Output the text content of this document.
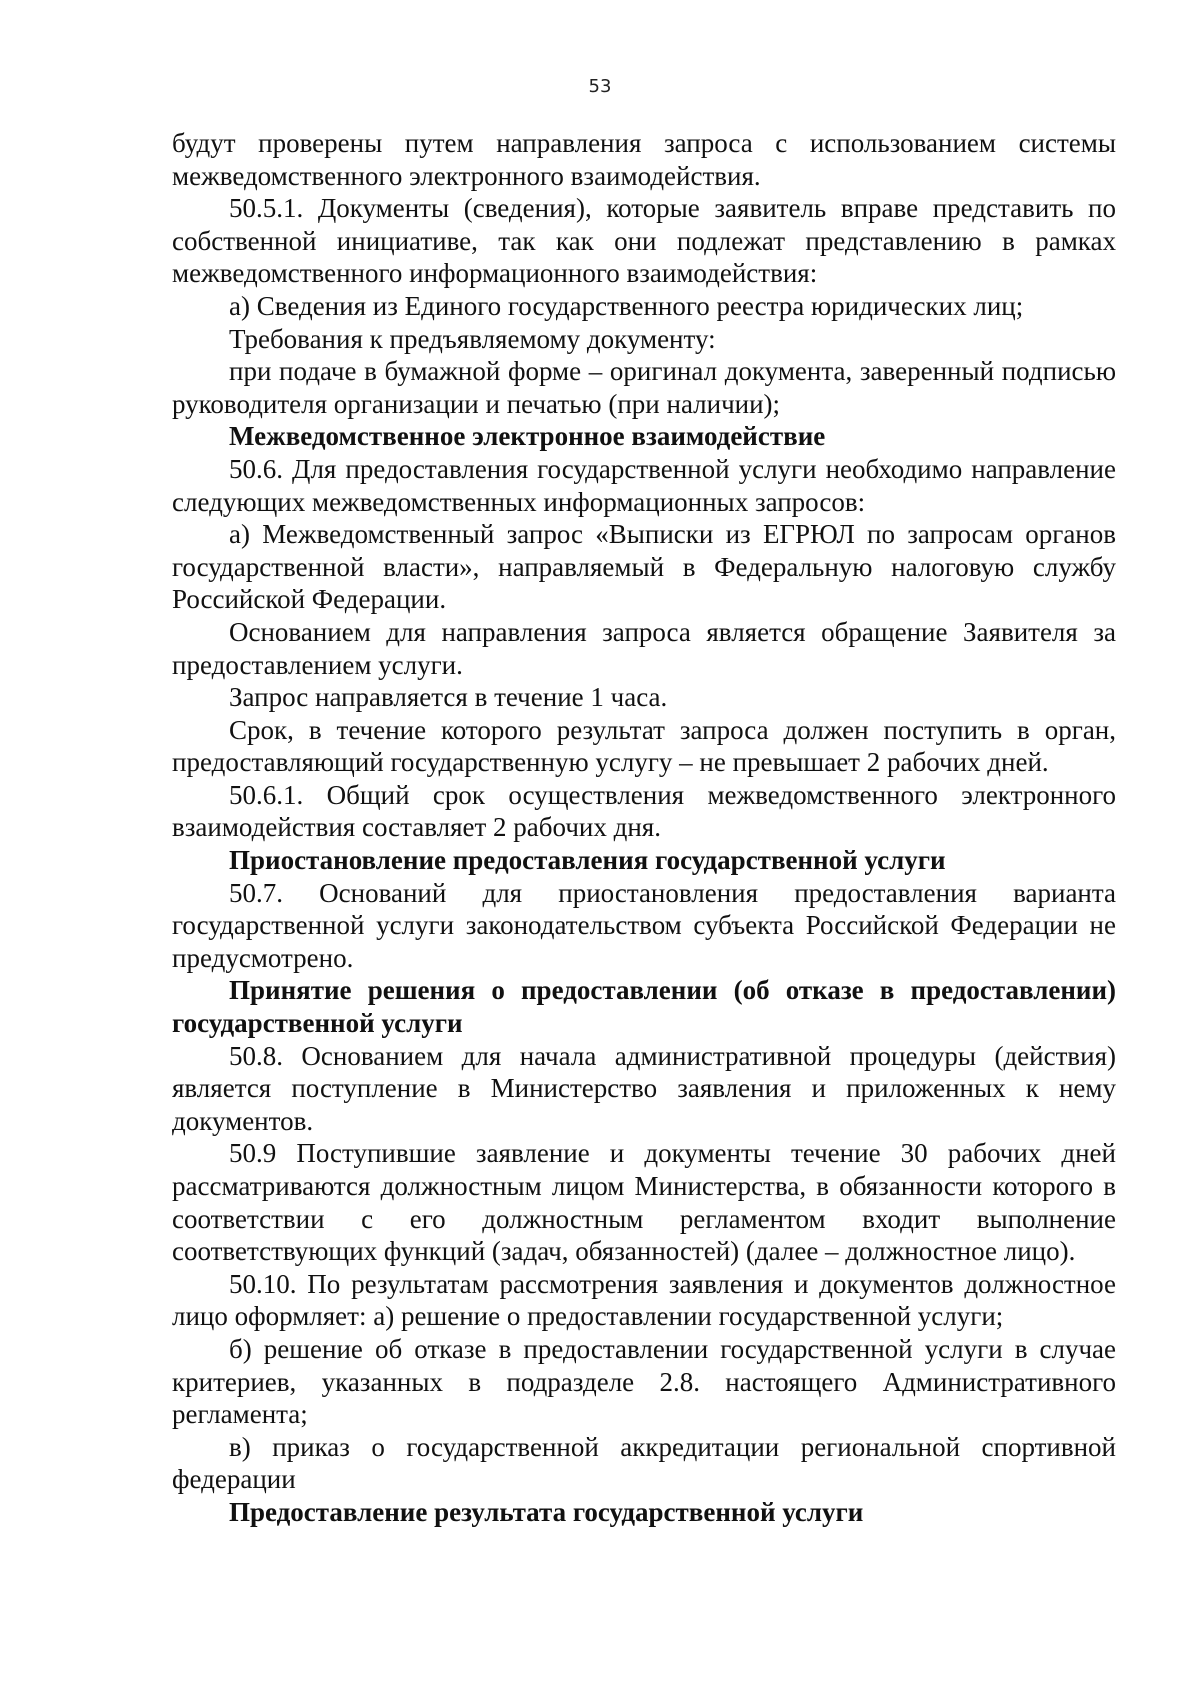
53

будут проверены путем направления запроса с использованием системы межведомственного электронного взаимодействия.

50.5.1. Документы (сведения), которые заявитель вправе представить по собственной инициативе, так как они подлежат представлению в рамках межведомственного информационного взаимодействия:

а) Сведения из Единого государственного реестра юридических лиц;

Требования к предъявляемому документу:

при подаче в бумажной форме – оригинал документа, заверенный подписью руководителя организации и печатью (при наличии);

Межведомственное электронное взаимодействие

50.6. Для предоставления государственной услуги необходимо направление следующих межведомственных информационных запросов:

а) Межведомственный запрос «Выписки из ЕГРЮЛ по запросам органов государственной власти», направляемый в Федеральную налоговую службу Российской Федерации.

Основанием для направления запроса является обращение Заявителя за предоставлением услуги.

Запрос направляется в течение 1 часа.

Срок, в течение которого результат запроса должен поступить в орган, предоставляющий государственную услугу – не превышает 2 рабочих дней.

50.6.1. Общий срок осуществления межведомственного электронного взаимодействия составляет 2 рабочих дня.

Приостановление предоставления государственной услуги

50.7. Оснований для приостановления предоставления варианта государственной услуги законодательством субъекта Российской Федерации не предусмотрено.

Принятие решения о предоставлении (об отказе в предоставлении) государственной услуги

50.8. Основанием для начала административной процедуры (действия) является поступление в Министерство заявления и приложенных к нему документов.

50.9 Поступившие заявление и документы течение 30 рабочих дней рассматриваются должностным лицом Министерства, в обязанности которого в соответствии с его должностным регламентом входит выполнение соответствующих функций (задач, обязанностей) (далее – должностное лицо).

50.10. По результатам рассмотрения заявления и документов должностное лицо оформляет: а) решение о предоставлении государственной услуги;

б) решение об отказе в предоставлении государственной услуги в случае критериев, указанных в подразделе 2.8. настоящего Административного регламента;

в) приказ о государственной аккредитации региональной спортивной федерации

Предоставление результата государственной услуги
